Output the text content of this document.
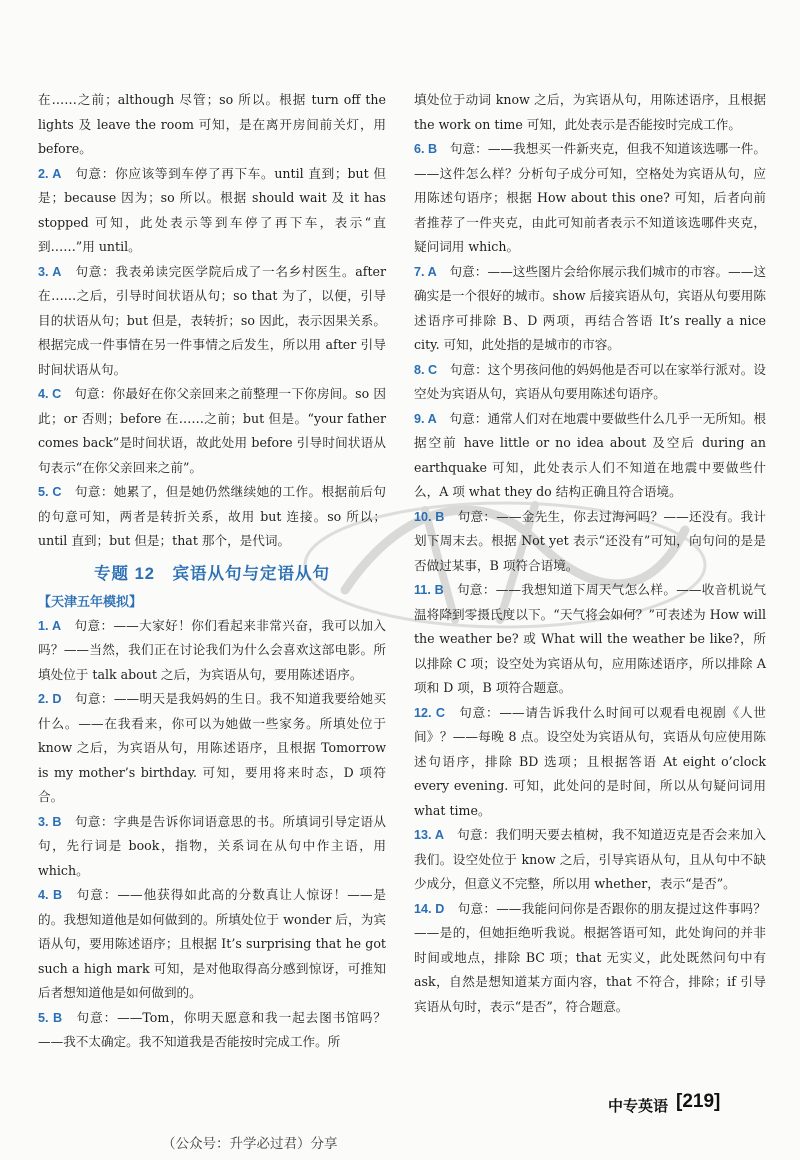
在……之前；although 尽管；so 所以。根据 turn off the lights 及 leave the room 可知，是在离开房间前关灯，用 before。
2. A　 句意：你应该等到车停了再下车。until 直到；but 但是；because 因为；so 所以。根据 should wait 及 it has stopped 可知，此处表示等到车停了再下车，表示“直到……”用 until。
3. A　 句意：我表弟读完医学院后成了一名乡村医生。after 在……之后，引导时间状语从句；so that 为了，以便，引导目的状语从句；but 但是，表转折；so 因此，表示因果关系。根据完成一件事情在另一件事情之后发生，所以用 after 引导时间状语从句。
4. C　 句意：你最好在你父亲回来之前整理一下你房间。so 因此；or 否则；before 在……之前；but 但是。“your father comes back”是时间状语，故此处用 before 引导时间状语从句表示“在你父亲回来之前”。
5. C　 句意：她累了，但是她仍然继续她的工作。根据前后句的句意可知，两者是转折关系，故用 but 连接。so 所以；until 直到；but 但是；that 那个，是代词。
专题 12　宾语从句与定语从句
【天津五年模拟】
1. A　 句意：——大家好！你们看起来非常兴奋，我可以加入吗？——当然，我们正在讨论我们为什么会喜欢这部电影。所填处位于 talk about 之后，为宾语从句，要用陈述语序。
2. D　 句意：——明天是我妈妈的生日。我不知道我要给她买什么。——在我看来，你可以为她做一些家务。所填处位于 know 之后，为宾语从句，用陈述语序，且根据 Tomorrow is my mother’s birthday. 可知，要用将来时态，D 项符合。
3. B　 句意：字典是告诉你词语意思的书。所填词引导定语从句，先行词是 book，指物，关系词在从句中作主语，用 which。
4. B　 句意：——他获得如此高的分数真让人惊讶！——是的。我想知道他是如何做到的。所填处位于 wonder 后，为宾语从句，要用陈述语序；且根据 It’s surprising that he got such a high mark 可知，是对他取得高分感到惊讶，可推知后者想知道他是如何做到的。
5. B　 句意：——Tom，你明天愿意和我一起去图书馆吗？——我不太确定。我不知道我是否能按时完成工作。所
填处位于动词 know 之后，为宾语从句，用陈述语序，且根据 the work on time 可知，此处表示是否能按时完成工作。
6. B　 句意：——我想买一件新夹克，但我不知道该选哪一件。——这件怎么样？分析句子成分可知，空格处为宾语从句，应用陈述句语序；根据 How about this one? 可知，后者向前者推荐了一件夹克，由此可知前者表示不知道该选哪件夹克，疑问词用 which。
7. A　 句意：——这些图片会给你展示我们城市的市容。——这确实是一个很好的城市。show 后接宾语从句，宾语从句要用陈述语序可排除 B、D 两项，再结合答语 It’s really a nice city. 可知，此处指的是城市的市容。
8. C　 句意：这个男孩问他的妈妈他是否可以在家举行派对。设空处为宾语从句，宾语从句要用陈述句语序。
9. A　 句意：通常人们对在地震中要做些什么几乎一无所知。根据空前 have little or no idea about 及空后 during an earthquake 可知，此处表示人们不知道在地震中要做些什么，A 项 what they do 结构正确且符合语境。
10. B　 句意：——金先生，你去过海河吗？——还没有。我计划下周末去。根据 Not yet 表示“还没有”可知，向句问的是是否做过某事，B 项符合语境。
11. B　 句意：——我想知道下周天气怎么样。——收音机说气温将降到零摄氏度以下。“天气将会如何？”可表述为 How will the weather be? 或 What will the weather be like?，所以排除 C 项；设空处为宾语从句，应用陈述语序，所以排除 A 项和 D 项，B 项符合题意。
12. C　 句意：——请告诉我什么时间可以观看电视剧《人世间》？——每晚 8 点。设空处为宾语从句，宾语从句应使用陈述句语序，排除 BD 选项；且根据答语 At eight o’clock every evening. 可知，此处问的是时间，所以从句疑问词用 what time。
13. A　 句意：我们明天要去植树，我不知道迈克是否会来加入我们。设空处位于 know 之后，引导宾语从句，且从句中不缺少成分，但意义不完整，所以用 whether，表示“是否”。
14. D　 句意：——我能问问你是否跟你的朋友提过这件事吗？——是的，但她拒绝听我说。根据答语可知，此处询问的并非时间或地点，排除 BC 项；that 无实义，此处既然问句中有 ask，自然是想知道某方面内容，that 不符合，排除；if 引导宾语从句时，表示“是否”，符合题意。
中专英语 [219]
（公众号：升学必过君）分享
